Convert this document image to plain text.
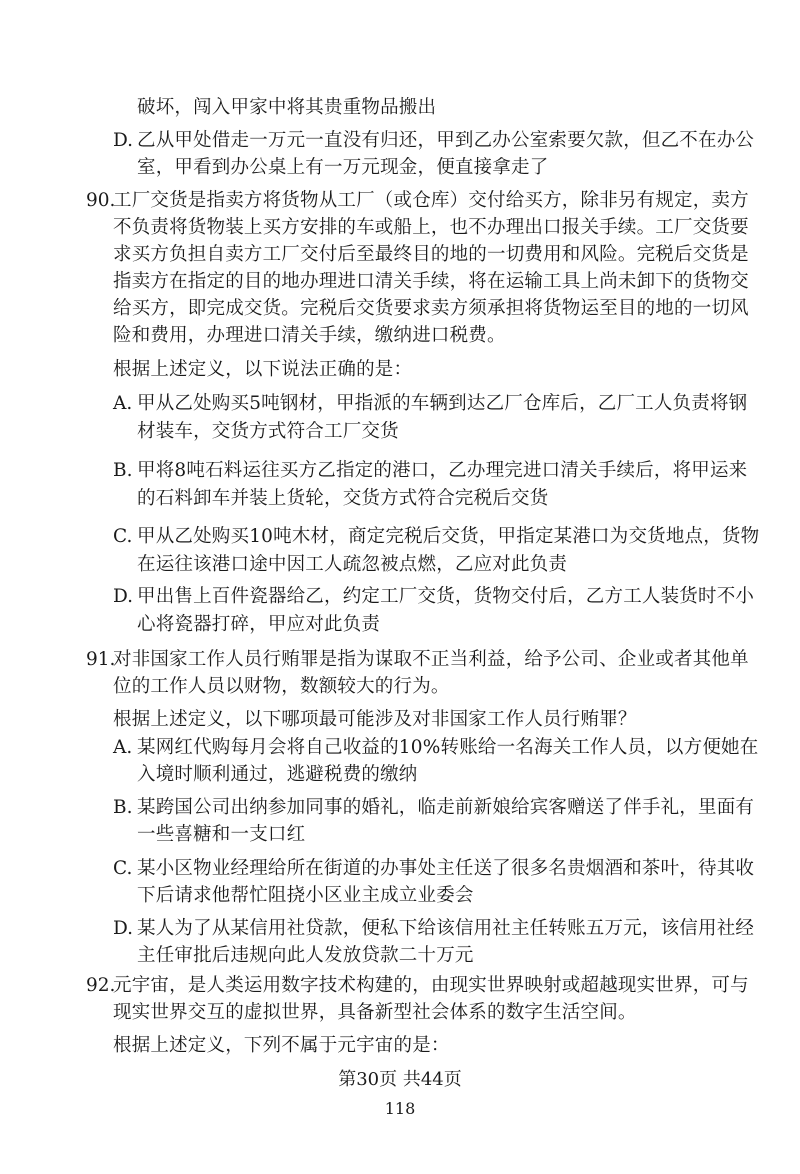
破坏，闯入甲家中将其贵重物品搬出
D. 乙从甲处借走一万元一直没有归还，甲到乙办公室索要欠款，但乙不在办公
室，甲看到办公桌上有一万元现金，便直接拿走了
90.
工厂交货是指卖方将货物从工厂（或仓库）交付给买方，除非另有规定，卖方
不负责将货物装上买方安排的车或船上，也不办理出口报关手续。工厂交货要
求买方负担自卖方工厂交付后至最终目的地的一切费用和风险。完税后交货是
指卖方在指定的目的地办理进口清关手续，将在运输工具上尚未卸下的货物交
给买方，即完成交货。完税后交货要求卖方须承担将货物运至目的地的一切风
险和费用，办理进口清关手续，缴纳进口税费。
根据上述定义，以下说法正确的是：
A. 甲从乙处购买5吨钢材，甲指派的车辆到达乙厂仓库后，乙厂工人负责将钢
材装车，交货方式符合工厂交货
B. 甲将8吨石料运往买方乙指定的港口，乙办理完进口清关手续后，将甲运来
的石料卸车并装上货轮，交货方式符合完税后交货
C. 甲从乙处购买10吨木材，商定完税后交货，甲指定某港口为交货地点，货物
在运往该港口途中因工人疏忽被点燃，乙应对此负责
D. 甲出售上百件瓷器给乙，约定工厂交货，货物交付后，乙方工人装货时不小
心将瓷器打碎，甲应对此负责
91.
对非国家工作人员行贿罪是指为谋取不正当利益，给予公司、企业或者其他单
位的工作人员以财物，数额较大的行为。
根据上述定义，以下哪项最可能涉及对非国家工作人员行贿罪？
A. 某网红代购每月会将自己收益的10%转账给一名海关工作人员，以方便她在
入境时顺利通过，逃避税费的缴纳
B. 某跨国公司出纳参加同事的婚礼，临走前新娘给宾客赠送了伴手礼，里面有
一些喜糖和一支口红
C. 某小区物业经理给所在街道的办事处主任送了很多名贵烟酒和茶叶，待其收
下后请求他帮忙阻挠小区业主成立业委会
D. 某人为了从某信用社贷款，便私下给该信用社主任转账五万元，该信用社经
主任审批后违规向此人发放贷款二十万元
92.
元宇宙，是人类运用数字技术构建的，由现实世界映射或超越现实世界，可与
现实世界交互的虚拟世界，具备新型社会体系的数字生活空间。
根据上述定义，下列不属于元宇宙的是：
第30页 共44页
118
